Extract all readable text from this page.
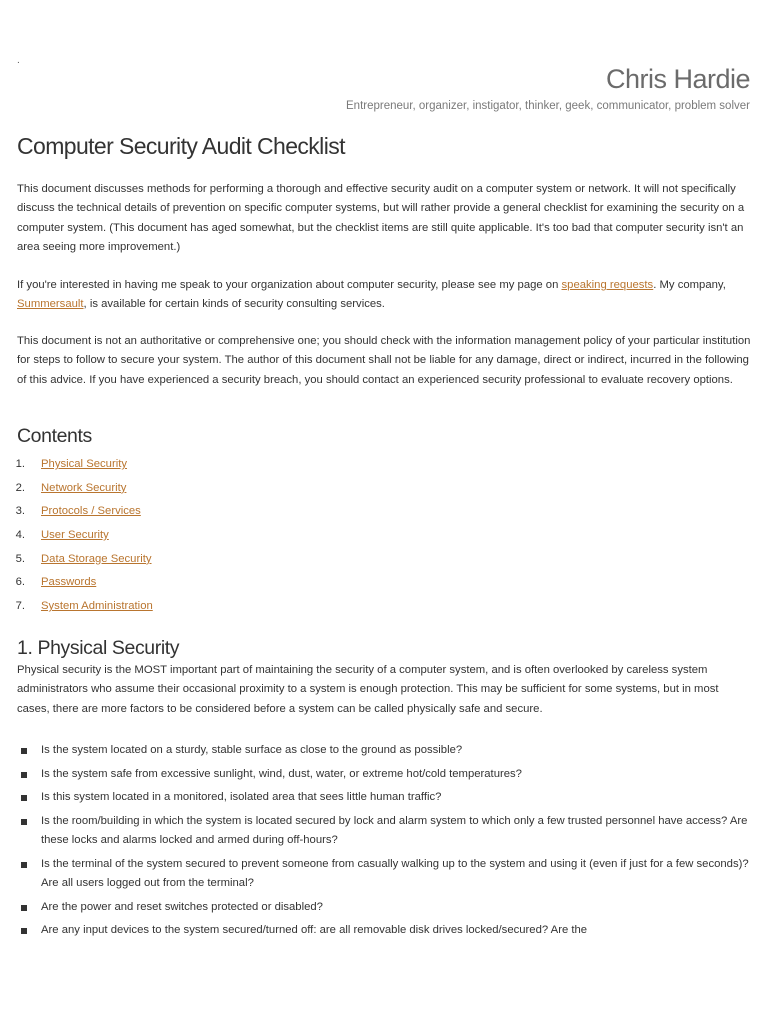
.
Chris Hardie
Entrepreneur, organizer, instigator, thinker, geek, communicator, problem solver
Computer Security Audit Checklist

This document discusses methods for performing a thorough and effective security audit on a computer system or network. It will not specifically discuss the technical details of prevention on specific computer systems, but will rather provide a general checklist for examining the security on a computer system. (This document has aged somewhat, but the checklist items are still quite applicable. It's too bad that computer security isn't an area seeing more improvement.)

If you're interested in having me speak to your organization about computer security, please see my page on speaking requests. My company, Summersault, is available for certain kinds of security consulting services.

This document is not an authoritative or comprehensive one; you should check with the information management policy of your particular institution for steps to follow to secure your system. The author of this document shall not be liable for any damage, direct or indirect, incurred in the following of this advice. If you have experienced a security breach, you should contact an experienced security professional to evaluate recovery options.

Contents
1. Physical Security
2. Network Security
3. Protocols / Services
4. User Security
5. Data Storage Security
6. Passwords
7. System Administration
1. Physical Security

Physical security is the MOST important part of maintaining the security of a computer system, and is often overlooked by careless system administrators who assume their occasional proximity to a system is enough protection. This may be sufficient for some systems, but in most cases, there are more factors to be considered before a system can be called physically safe and secure.

Is the system located on a sturdy, stable surface as close to the ground as possible?
Is the system safe from excessive sunlight, wind, dust, water, or extreme hot/cold temperatures?
Is this system located in a monitored, isolated area that sees little human traffic?
Is the room/building in which the system is located secured by lock and alarm system to which only a few trusted personnel have access? Are these locks and alarms locked and armed during off-hours?
Is the terminal of the system secured to prevent someone from casually walking up to the system and using it (even if just for a few seconds)? Are all users logged out from the terminal?
Are the power and reset switches protected or disabled?
Are any input devices to the system secured/turned off: are all removable disk drives locked/secured? Are the
